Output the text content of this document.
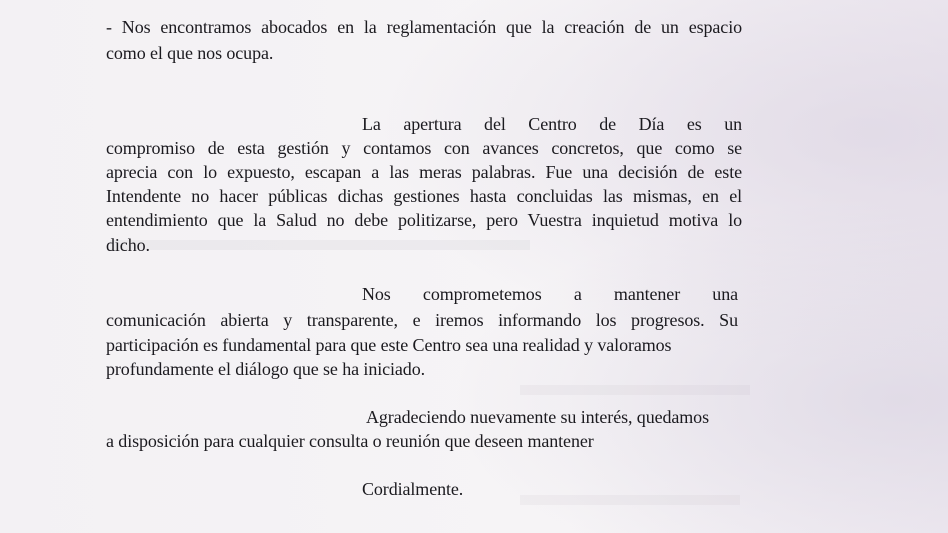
- Nos encontramos abocados en la reglamentación que la creación de un espacio
como el que nos ocupa.
La apertura del Centro de Día es un
compromiso de esta gestión y contamos con avances concretos, que como se
aprecia con lo expuesto, escapan a las meras palabras. Fue una decisión de este
Intendente no hacer públicas dichas gestiones hasta concluidas las mismas, en el
entendimiento que la Salud no debe politizarse, pero Vuestra inquietud motiva lo
dicho.
Nos comprometemos a mantener una
comunicación abierta y transparente, e iremos informando los progresos. Su
participación es fundamental para que este Centro sea una realidad y valoramos
profundamente el diálogo que se ha iniciado.
Agradeciendo nuevamente su interés, quedamos
a disposición para cualquier consulta o reunión que deseen mantener
Cordialmente.
